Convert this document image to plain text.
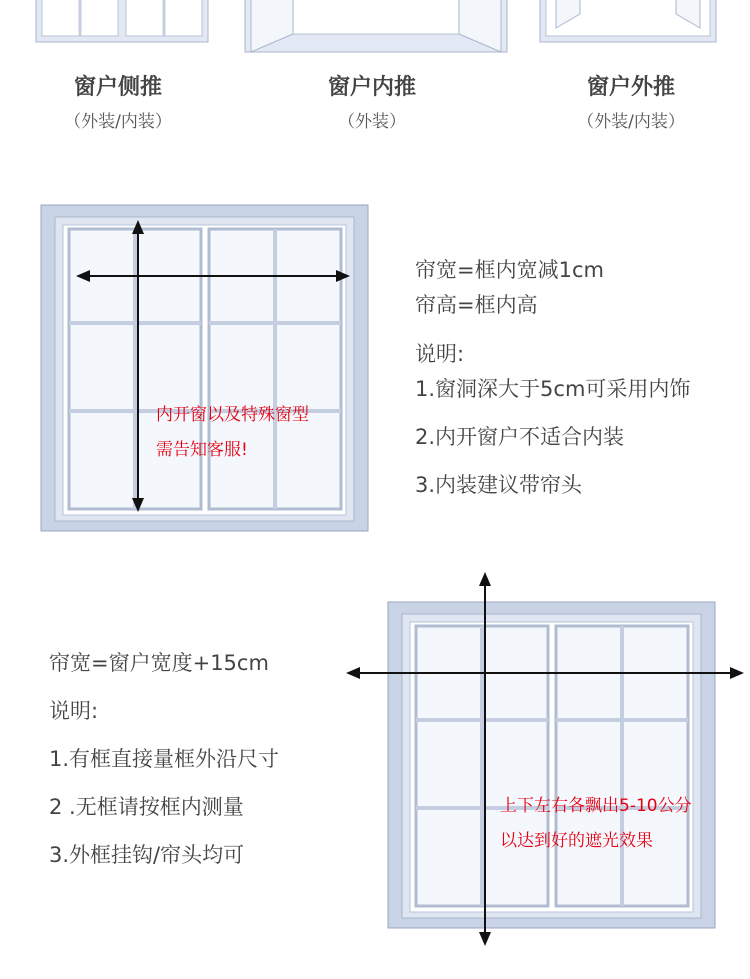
窗户侧推
（外装/内装）
窗户内推
（外装）
窗户外推
（外装/内装）
内开窗以及特殊窗型
需告知客服!
帘宽=框内宽减1cm
帘高=框内高
说明:
1.窗洞深大于5cm可采用内饰
2.内开窗户不适合内装
3.内装建议带帘头
帘宽=窗户宽度+15cm
说明:
1.有框直接量框外沿尺寸
2 .无框请按框内测量
3.外框挂钩/帘头均可
上下左右各飘出5-10公分
以达到好的遮光效果
